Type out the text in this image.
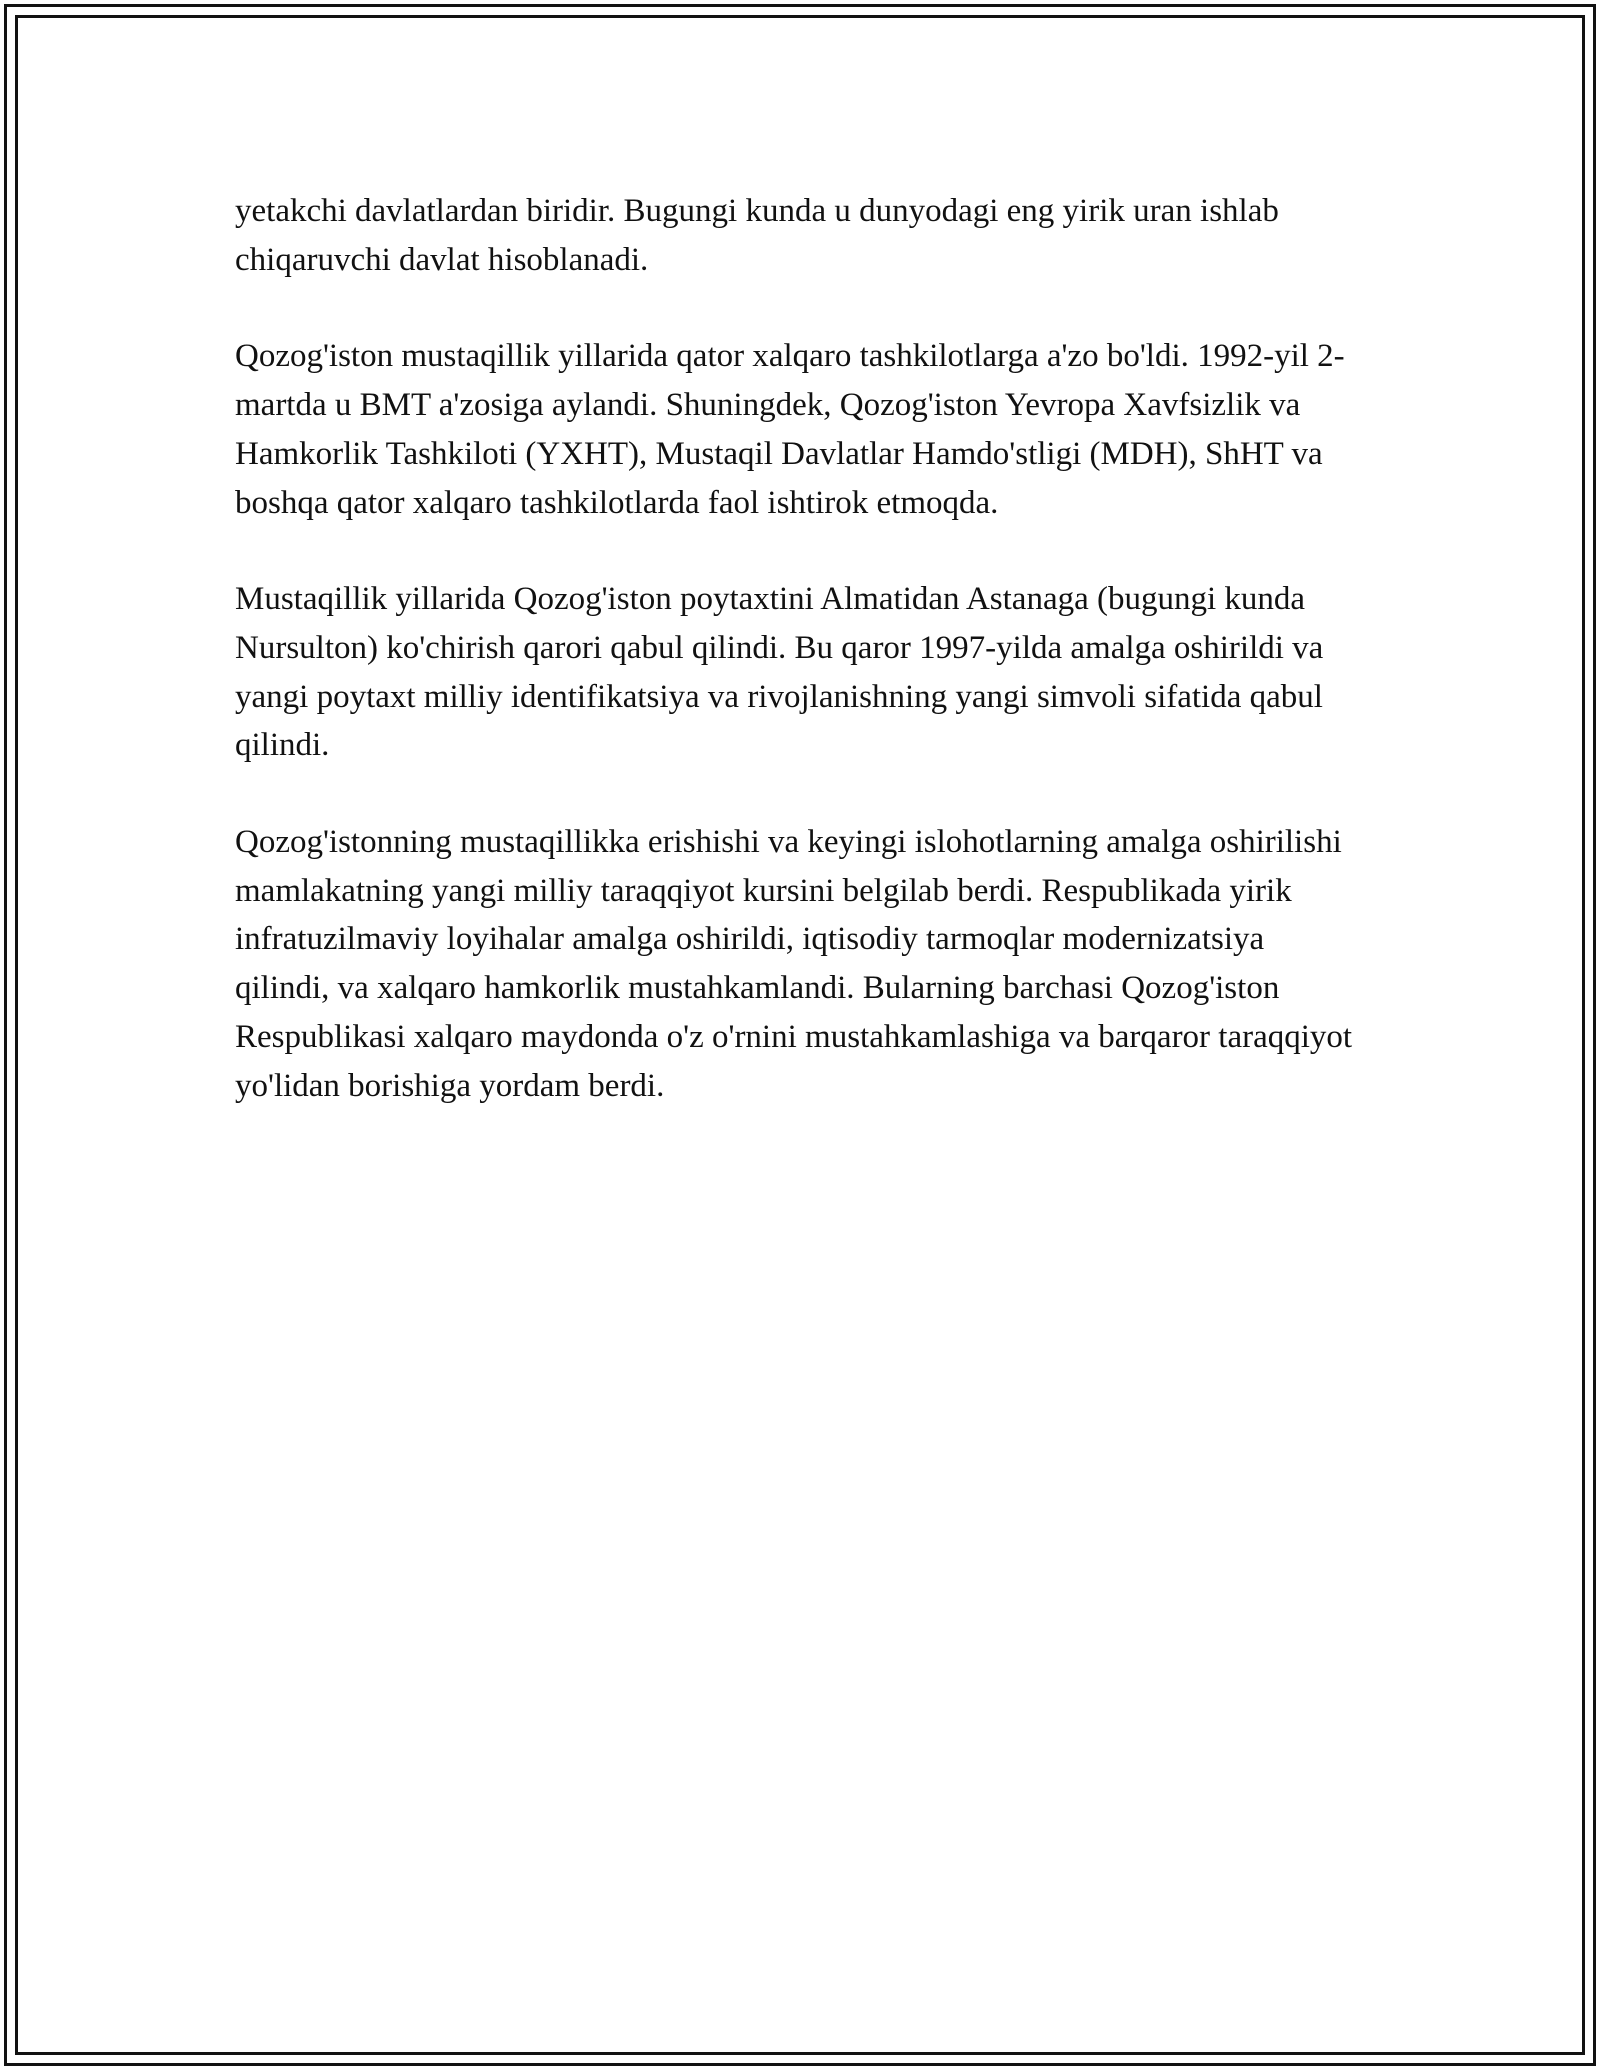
yetakchi davlatlardan biridir. Bugungi kunda u dunyodagi eng yirik uran ishlab chiqaruvchi davlat hisoblanadi.

Qozog'iston mustaqillik yillarida qator xalqaro tashkilotlarga a'zo bo'ldi. 1992-yil 2-martda u BMT a'zosiga aylandi. Shuningdek, Qozog'iston Yevropa Xavfsizlik va Hamkorlik Tashkiloti (YXHT), Mustaqil Davlatlar Hamdo'stligi (MDH), ShHT va boshqa qator xalqaro tashkilotlarda faol ishtirok etmoqda.

Mustaqillik yillarida Qozog'iston poytaxtini Almatidan Astanaga (bugungi kunda Nursulton) ko'chirish qarori qabul qilindi. Bu qaror 1997-yilda amalga oshirildi va yangi poytaxt milliy identifikatsiya va rivojlanishning yangi simvoli sifatida qabul qilindi.

Qozog'istonning mustaqillikka erishishi va keyingi islohotlarning amalga oshirilishi mamlakatning yangi milliy taraqqiyot kursini belgilab berdi. Respublikada yirik infratuzilmaviy loyihalar amalga oshirildi, iqtisodiy tarmoqlar modernizatsiya qilindi, va xalqaro hamkorlik mustahkamlandi. Bularning barchasi Qozog'iston Respublikasi xalqaro maydonda o'z o'rnini mustahkamlashiga va barqaror taraqqiyot yo'lidan borishiga yordam berdi.
